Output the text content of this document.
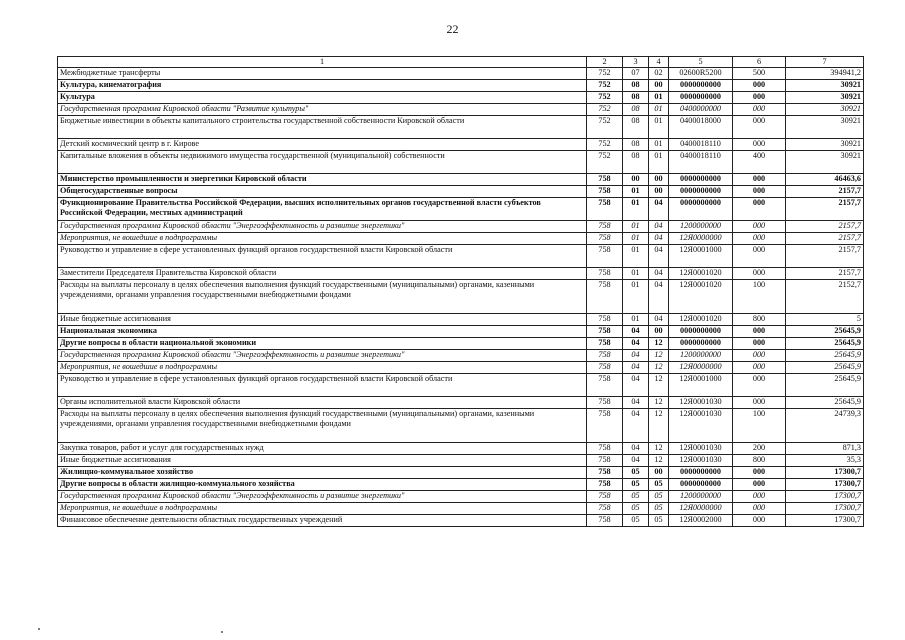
22
1	2	3	4	5	6	7
Межбюджетные трансферты	752	07	02	02600R5200	500	394941,2
Культура, кинематография	752	08	00	0000000000	000	30921
Культура	752	08	01	0000000000	000	30921
Государственная программа Кировской области "Развитие культуры"	752	08	01	0400000000	000	30921
Бюджетные инвестиции в объекты капитального строительства государственной собственности Кировской области	752	08	01	0400018000	000	30921
Детский космический центр в г. Кирове	752	08	01	0400018110	000	30921
Капитальные вложения в объекты недвижимого имущества государственной (муниципальной) собственности	752	08	01	0400018110	400	30921
Министерство промышленности и энергетики Кировской области	758	00	00	0000000000	000	46463,6
Общегосударственные вопросы	758	01	00	0000000000	000	2157,7
Функционирование Правительства Российской Федерации, высших исполнительных органов государственной власти субъектов Российской Федерации, местных администраций	758	01	04	0000000000	000	2157,7
Государственная программа Кировской области "Энергоэффективность и развитие энергетики"	758	01	04	1200000000	000	2157,7
Мероприятия, не вошедшие в подпрограммы	758	01	04	12Я0000000	000	2157,7
Руководство и управление в сфере установленных функций органов государственной власти Кировской области	758	01	04	12Я0001000	000	2157,7
Заместители Председателя Правительства Кировской области	758	01	04	12Я0001020	000	2157,7
Расходы на выплаты персоналу в целях обеспечения выполнения функций государственными (муниципальными) органами, казенными учреждениями, органами управления государственными внебюджетными фондами	758	01	04	12Я0001020	100	2152,7
Иные бюджетные ассигнования	758	01	04	12Я0001020	800	5
Национальная экономика	758	04	00	0000000000	000	25645,9
Другие вопросы в области национальной экономики	758	04	12	0000000000	000	25645,9
Государственная программа Кировской области "Энергоэффективность и развитие энергетики"	758	04	12	1200000000	000	25645,9
Мероприятия, не вошедшие в подпрограммы	758	04	12	12Я0000000	000	25645,9
Руководство и управление в сфере установленных функций органов государственной власти Кировской области	758	04	12	12Я0001000	000	25645,9
Органы исполнительной власти Кировской области	758	04	12	12Я0001030	000	25645,9
Расходы на выплаты персоналу в целях обеспечения выполнения функций государственными (муниципальными) органами, казенными учреждениями, органами управления государственными внебюджетными фондами	758	04	12	12Я0001030	100	24739,3
Закупка товаров, работ и услуг для государственных нужд	758	04	12	12Я0001030	200	871,3
Иные бюджетные ассигнования	758	04	12	12Я0001030	800	35,3
Жилищно-коммунальное хозяйство	758	05	00	0000000000	000	17300,7
Другие вопросы в области жилищно-коммунального хозяйства	758	05	05	0000000000	000	17300,7
Государственная программа Кировской области "Энергоэффективность и развитие энергетики"	758	05	05	1200000000	000	17300,7
Мероприятия, не вошедшие в подпрограммы	758	05	05	12Я0000000	000	17300,7
Финансовое обеспечение деятельности областных государственных учреждений	758	05	05	12Я0002000	000	17300,7
